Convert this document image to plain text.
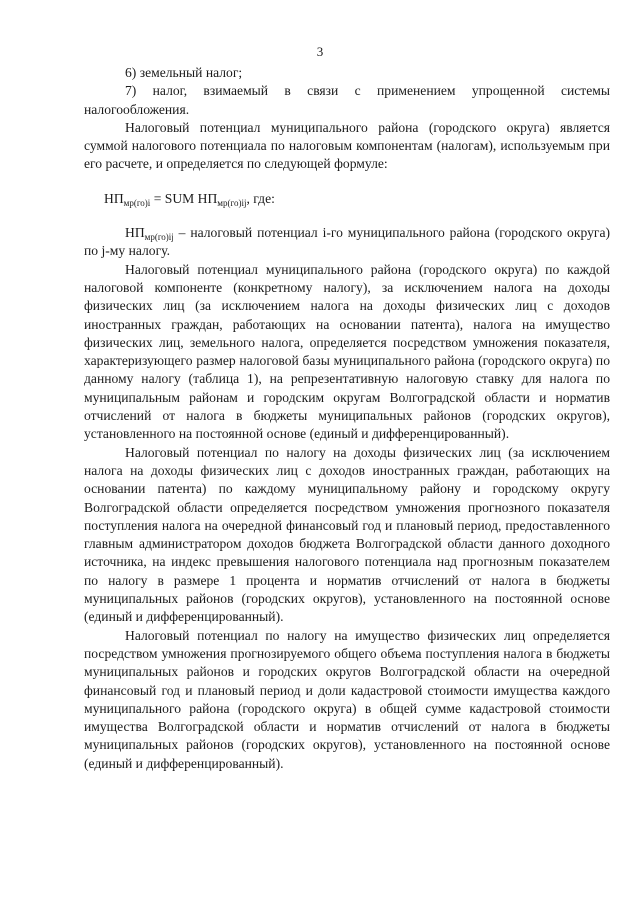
3

6) земельный налог;

7) налог, взимаемый в связи с применением упрощенной системы налогообложения.

Налоговый потенциал муниципального района (городского округа) является суммой налогового потенциала по налоговым компонентам (налогам), используемым при его расчете, и определяется по следующей формуле:

$НП_{мр(го)i}$ = SUM $НП_{мр(го)ij}$, где:

$НП_{мр(го)ij}$ – налоговый потенциал i-го муниципального района (городского округа) по j-му налогу.

Налоговый потенциал муниципального района (городского округа) по каждой налоговой компоненте (конкретному налогу), за исключением налога на доходы физических лиц (за исключением налога на доходы физических лиц с доходов иностранных граждан, работающих на основании патента), налога на имущество физических лиц, земельного налога, определяется посредством умножения показателя, характеризующего размер налоговой базы муниципального района (городского округа) по данному налогу (таблица 1), на репрезентативную налоговую ставку для налога по муниципальным районам и городским округам Волгоградской области и норматив отчислений от налога в бюджеты муниципальных районов (городских округов), установленного на постоянной основе (единый и дифференцированный).

Налоговый потенциал по налогу на доходы физических лиц (за исключением налога на доходы физических лиц с доходов иностранных граждан, работающих на основании патента) по каждому муниципальному району и городскому округу Волгоградской области определяется посредством умножения прогнозного показателя поступления налога на очередной финансовый год и плановый период, предоставленного главным администратором доходов бюджета Волгоградской области данного доходного источника, на индекс превышения налогового потенциала над прогнозным показателем по налогу в размере 1 процента и норматив отчислений от налога в бюджеты муниципальных районов (городских округов), установленного на постоянной основе (единый и дифференцированный).

Налоговый потенциал по налогу на имущество физических лиц определяется посредством умножения прогнозируемого общего объема поступления налога в бюджеты муниципальных районов и городских округов Волгоградской области на очередной финансовый год и плановый период и доли кадастровой стоимости имущества каждого муниципального района (городского округа) в общей сумме кадастровой стоимости имущества Волгоградской области и норматив отчислений от налога в бюджеты муниципальных районов (городских округов), установленного на постоянной основе (единый и дифференцированный).
